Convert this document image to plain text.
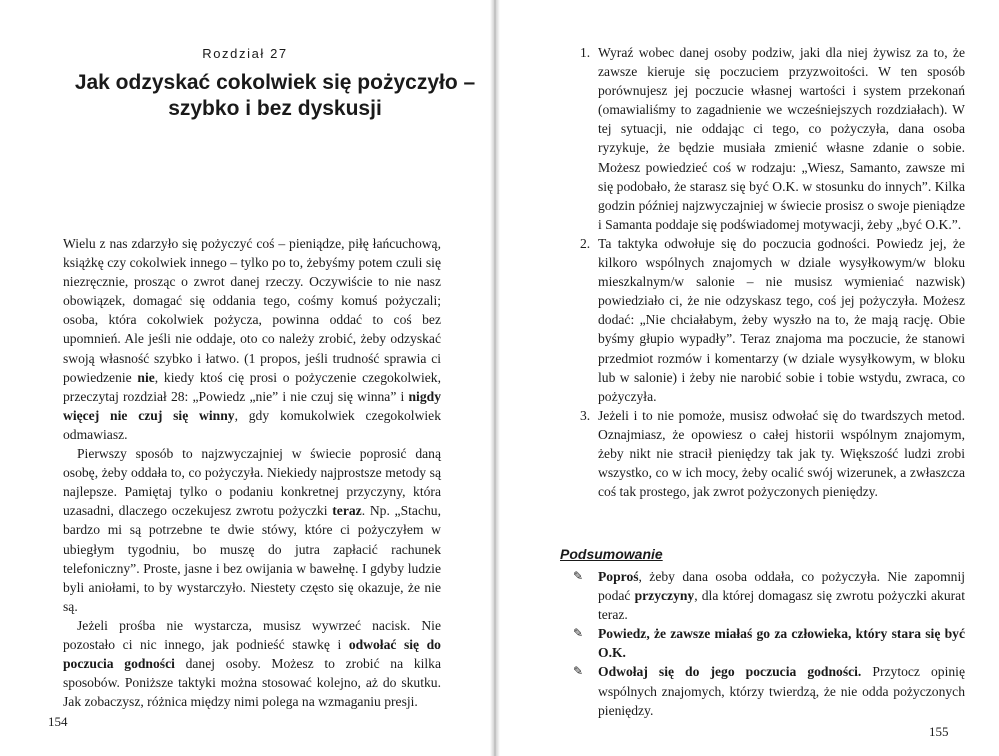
Rozdział 27
Jak odzyskać cokolwiek się pożyczyło – szybko i bez dyskusji

Wielu z nas zdarzyło się pożyczyć coś – pieniądze, piłę łańcuchową, książkę czy cokolwiek innego – tylko po to, żebyśmy potem czuli się niezręcznie, prosząc o zwrot danej rzeczy. Oczywiście to nie nasz obowiązek, domagać się oddania tego, cośmy komuś pożyczali; osoba, która cokolwiek pożycza, powinna oddać to coś bez upomnień. Ale jeśli nie oddaje, oto co należy zrobić, żeby odzyskać swoją własność szybko i łatwo. (1 propos, jeśli trudność sprawia ci powiedzenie nie, kiedy ktoś cię prosi o pożyczenie czegokolwiek, przeczytaj rozdział 28: „Powiedz „nie” i nie czuj się winna” i nigdy więcej nie czuj się winny, gdy komukolwiek czegokolwiek odmawiasz.

Pierwszy sposób to najzwyczajniej w świecie poprosić daną osobę, żeby oddała to, co pożyczyła. Niekiedy najprostsze metody są najlepsze. Pamiętaj tylko o podaniu konkretnej przyczyny, która uzasadni, dlaczego oczekujesz zwrotu pożyczki teraz. Np. „Stachu, bardzo mi są potrzebne te dwie stówy, które ci pożyczyłem w ubiegłym tygodniu, bo muszę do jutra zapłacić rachunek telefoniczny”. Proste, jasne i bez owijania w bawełnę. I gdyby ludzie byli aniołami, to by wystarczyło. Niestety często się okazuje, że nie są.

Jeżeli prośba nie wystarcza, musisz wywrzeć nacisk. Nie pozostało ci nic innego, jak podnieść stawkę i odwołać się do poczucia godności danej osoby. Możesz to zrobić na kilka sposobów. Poniższe taktyki można stosować kolejno, aż do skutku. Jak zobaczysz, różnica między nimi polega na wzmaganiu presji.

154
1. Wyraź wobec danej osoby podziw, jaki dla niej żywisz za to, że zawsze kieruje się poczuciem przyzwoitości. W ten sposób porównujesz jej poczucie własnej wartości i system przekonań (omawialiśmy to zagadnienie we wcześniejszych rozdziałach). W tej sytuacji, nie oddając ci tego, co pożyczyła, dana osoba ryzykuje, że będzie musiała zmienić własne zdanie o sobie. Możesz powiedzieć coś w rodzaju: „Wiesz, Samanto, zawsze mi się podobało, że starasz się być O.K. w stosunku do innych”. Kilka godzin później najzwyczajniej w świecie prosisz o swoje pieniądze i Samanta poddaje się podświadomej motywacji, żeby „być O.K.”.
2. Ta taktyka odwołuje się do poczucia godności. Powiedz jej, że kilkoro wspólnych znajomych w dziale wysyłkowym/w bloku mieszkalnym/w salonie – nie musisz wymieniać nazwisk) powiedziało ci, że nie odzyskasz tego, coś jej pożyczyła. Możesz dodać: „Nie chciałabym, żeby wyszło na to, że mają rację. Obie byśmy głupio wypadły”. Teraz znajoma ma poczucie, że stanowi przedmiot rozmów i komentarzy (w dziale wysyłkowym, w bloku lub w salonie) i żeby nie narobić sobie i tobie wstydu, zwraca, co pożyczyła.
3. Jeżeli i to nie pomoże, musisz odwołać się do twardszych metod. Oznajmiasz, że opowiesz o całej historii wspólnym znajomym, żeby nikt nie stracił pieniędzy tak jak ty. Większość ludzi zrobi wszystko, co w ich mocy, żeby ocalić swój wizerunek, a zwłaszcza coś tak prostego, jak zwrot pożyczonych pieniędzy.
Podsumowanie
✎ Poproś, żeby dana osoba oddała, co pożyczyła. Nie zapomnij podać przyczyny, dla której domagasz się zwrotu pożyczki akurat teraz.
✎ Powiedz, że zawsze miałaś go za człowieka, który stara się być O.K.
✎ Odwołaj się do jego poczucia godności. Przytocz opinię wspólnych znajomych, którzy twierdzą, że nie odda pożyczonych pieniędzy.
155
